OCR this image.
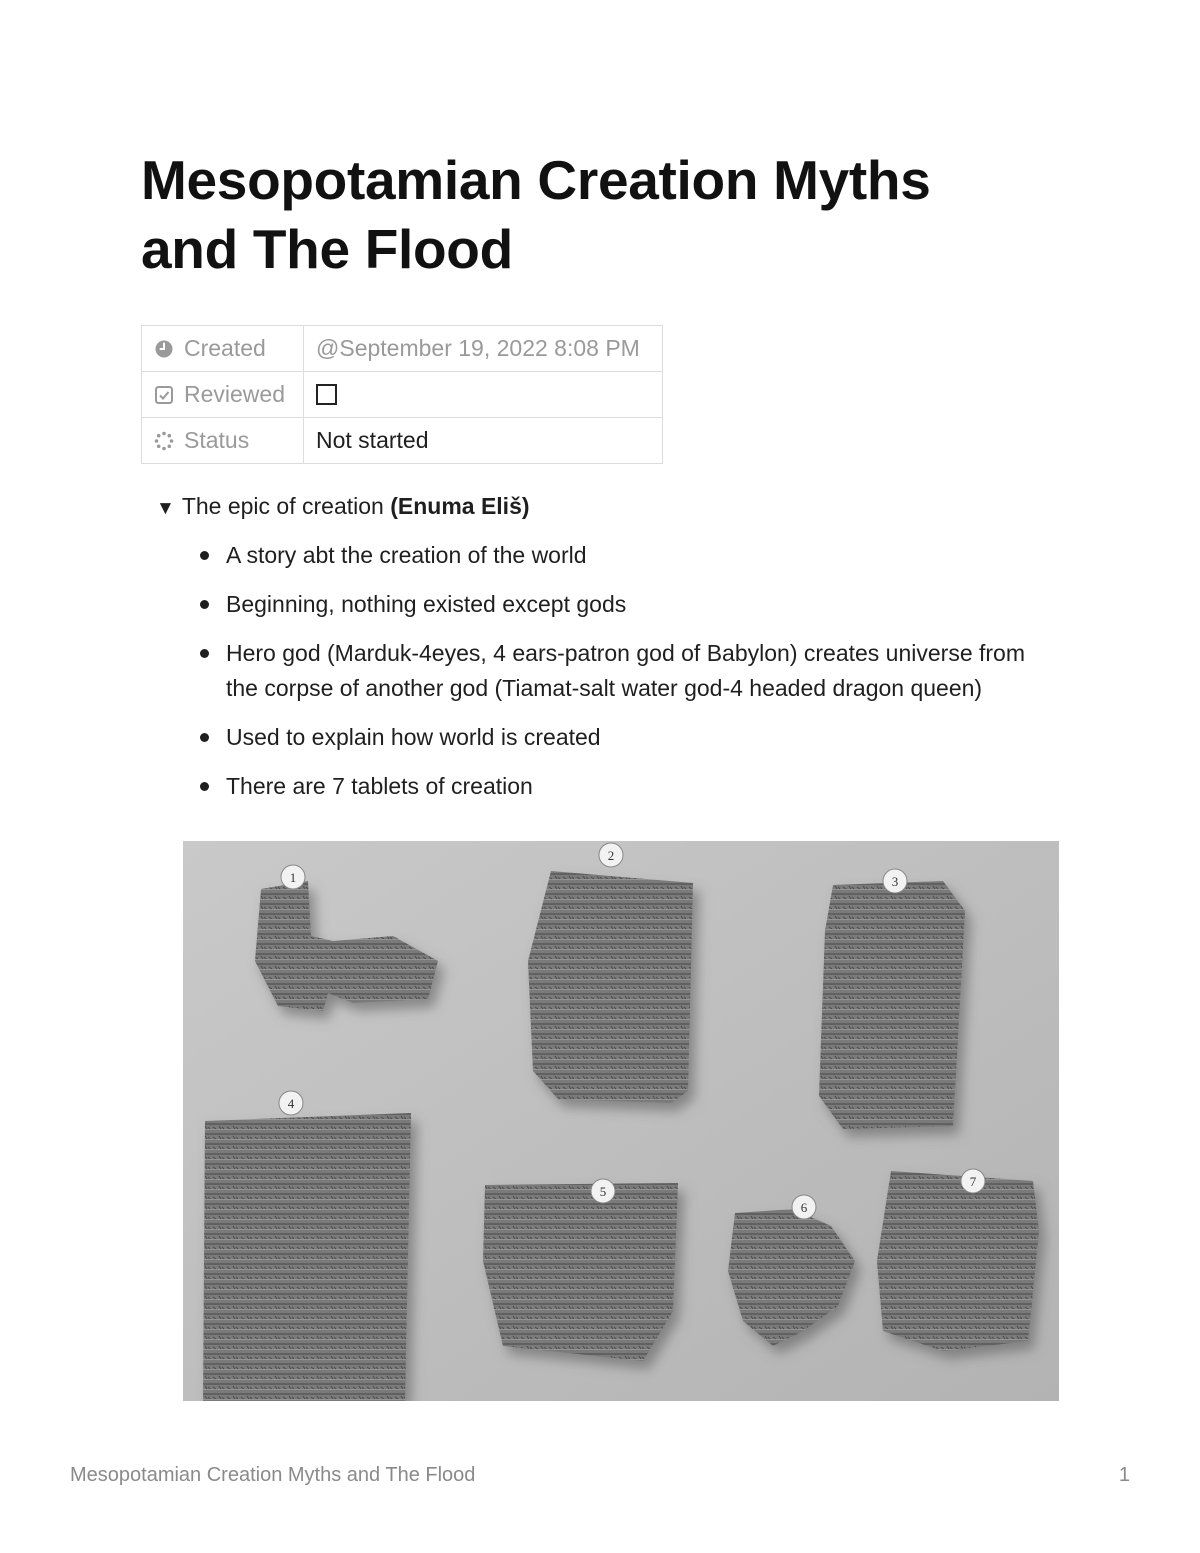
Mesopotamian Creation Myths and The Flood
Created	@September 19, 2022 8:08 PM
Reviewed	
Status	Not started
▼ The epic of creation (Enuma Eliš)
A story abt the creation of the world
Beginning, nothing existed except gods
Hero god (Marduk-4eyes, 4 ears-patron god of Babylon) creates universe from the corpse of another god (Tiamat-salt water god-4 headed dragon queen)
Used to explain how world is created
There are 7 tablets of creation
1
2
3
4
5
6
7
Mesopotamian Creation Myths and The Flood	1
